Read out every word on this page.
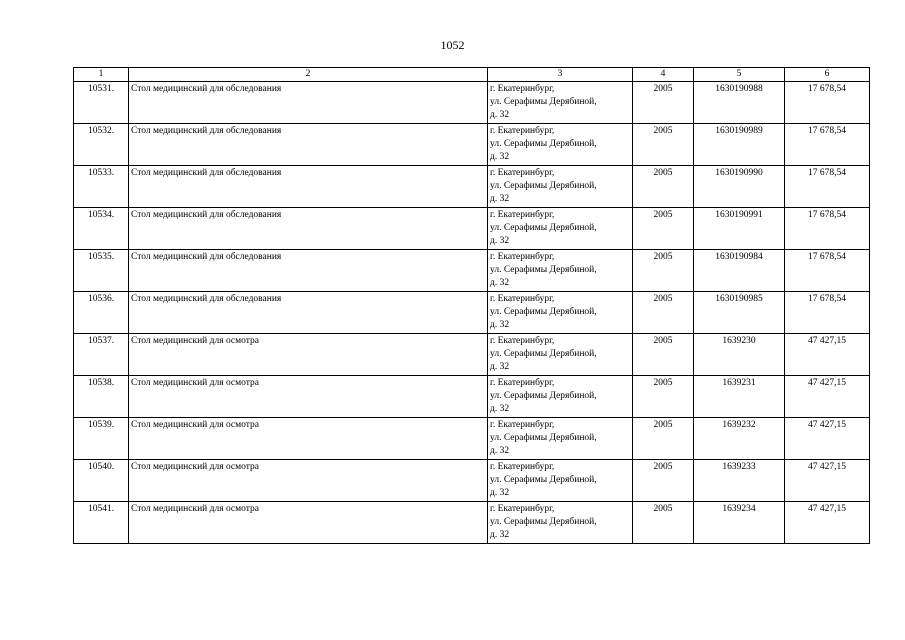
1052
1	2	3	4	5	6
10531.	Стол медицинский для обследования	г. Екатеринбург,
ул. Серафимы Дерябиной,
д. 32	2005	1630190988	17 678,54
10532.	Стол медицинский для обследования	г. Екатеринбург,
ул. Серафимы Дерябиной,
д. 32	2005	1630190989	17 678,54
10533.	Стол медицинский для обследования	г. Екатеринбург,
ул. Серафимы Дерябиной,
д. 32	2005	1630190990	17 678,54
10534.	Стол медицинский для обследования	г. Екатеринбург,
ул. Серафимы Дерябиной,
д. 32	2005	1630190991	17 678,54
10535.	Стол медицинский для обследования	г. Екатеринбург,
ул. Серафимы Дерябиной,
д. 32	2005	1630190984	17 678,54
10536.	Стол медицинский для обследования	г. Екатеринбург,
ул. Серафимы Дерябиной,
д. 32	2005	1630190985	17 678,54
10537.	Стол медицинский для осмотра	г. Екатеринбург,
ул. Серафимы Дерябиной,
д. 32	2005	1639230	47 427,15
10538.	Стол медицинский для осмотра	г. Екатеринбург,
ул. Серафимы Дерябиной,
д. 32	2005	1639231	47 427,15
10539.	Стол медицинский для осмотра	г. Екатеринбург,
ул. Серафимы Дерябиной,
д. 32	2005	1639232	47 427,15
10540.	Стол медицинский для осмотра	г. Екатеринбург,
ул. Серафимы Дерябиной,
д. 32	2005	1639233	47 427,15
10541.	Стол медицинский для осмотра	г. Екатеринбург,
ул. Серафимы Дерябиной,
д. 32	2005	1639234	47 427,15
